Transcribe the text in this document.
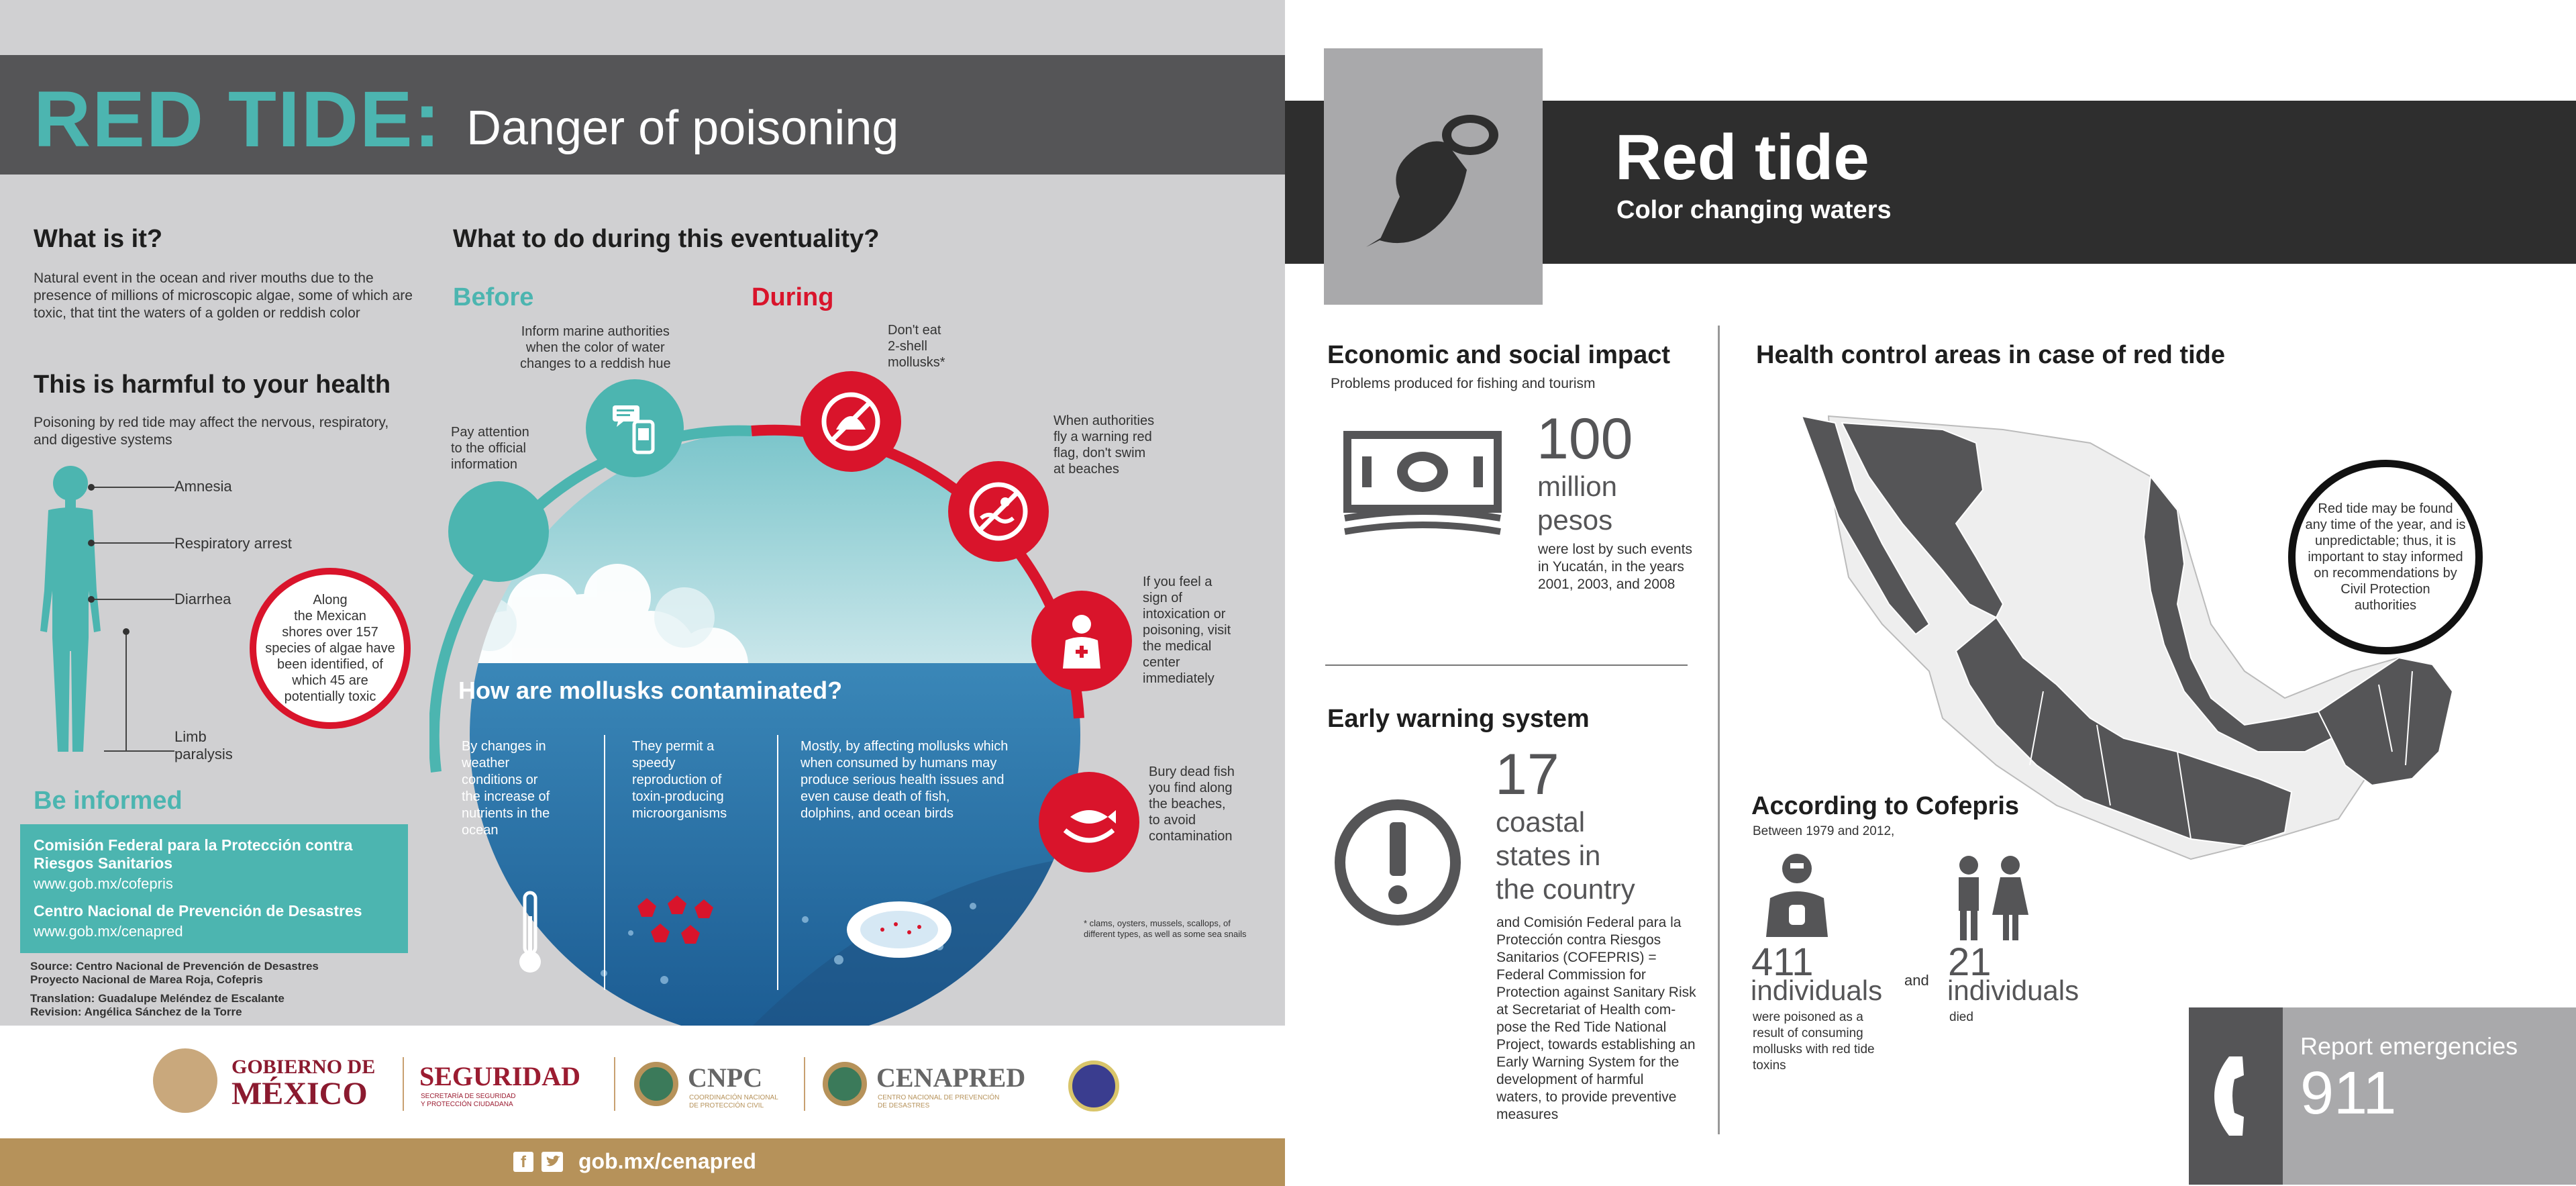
RED TIDE: Danger of poisoning
What is it?
Natural event in the ocean and river mouths due to the presence of millions of microscopic algae, some of which are toxic, that tint the waters of a golden or reddish color
This is harmful to your health
Poisoning by red tide may affect the nervous, respiratory, and digestive systems
Amnesia
Respiratory arrest
Diarrhea
Limb
paralysis
Along
the Mexican
shores over 157
species of algae have
been identified, of
which 45 are
potentially toxic
Be informed
Comisión Federal para la Protección contra Riesgos Sanitarios
www.gob.mx/cofepris
Centro Nacional de Prevención de Desastres
www.gob.mx/cenapred
Source: Centro Nacional de Prevención de Desastres
Proyecto Nacional de Marea Roja, Cofepris
Translation: Guadalupe Meléndez de Escalante
Revision: Angélica Sánchez de la Torre
What to do during this eventuality?
Before	During
Pay attention
to the official
information
Inform marine authorities
when the color of water
changes to a reddish hue
Don't eat
2-shell
mollusks*
When authorities
fly a warning red
flag, don't swim
at beaches
If you feel a
sign of
intoxication or
poisoning, visit
the medical
center
immediately
Bury dead fish
you find along
the beaches,
to avoid
contamination
* clams, oysters, mussels, scallops, of different types, as well as some sea snails
How are mollusks contaminated?
By changes in
weather
conditions or
the increase of
nutrients in the
ocean
They permit a
speedy
reproduction of
toxin-producing
microorganisms
Mostly, by affecting mollusks which
when consumed by humans may
produce serious health issues and
even cause death of fish,
dolphins, and ocean birds
GOBIERNO DE
MÉXICO SEGURIDAD
SECRETARÍA DE SEGURIDAD
Y PROTECCIÓN CIUDADANA
CNPC
COORDINACIÓN NACIONAL
DE PROTECCIÓN CIVIL
CENAPRED
CENTRO NACIONAL DE PREVENCIÓN
DE DESASTRES
f	gob.mx/cenapred
Red tide
Color changing waters
Economic and social impact
Problems produced for fishing and tourism
100
million
pesos
were lost by such events
in Yucatán, in the years
2001, 2003, and 2008
Early warning system
17
coastal
states in
the country
and Comisión Federal para la
Protección contra Riesgos
Sanitarios (COFEPRIS) =
Federal Commission for
Protection against Sanitary Risk
at Secretariat of Health com-
pose the Red Tide National
Project, towards establishing an
Early Warning System for the
development of harmful
waters, to provide preventive
measures
Health control areas in case of red tide
Red tide may be found
any time of the year, and is
unpredictable; thus, it is
important to stay informed
on recommendations by
Civil Protection
authorities
According to Cofepris
Between 1979 and 2012,
411
individuals
were poisoned as a
result of consuming
mollusks with red tide
toxins
and 21
individuals
died
Report emergencies
911
